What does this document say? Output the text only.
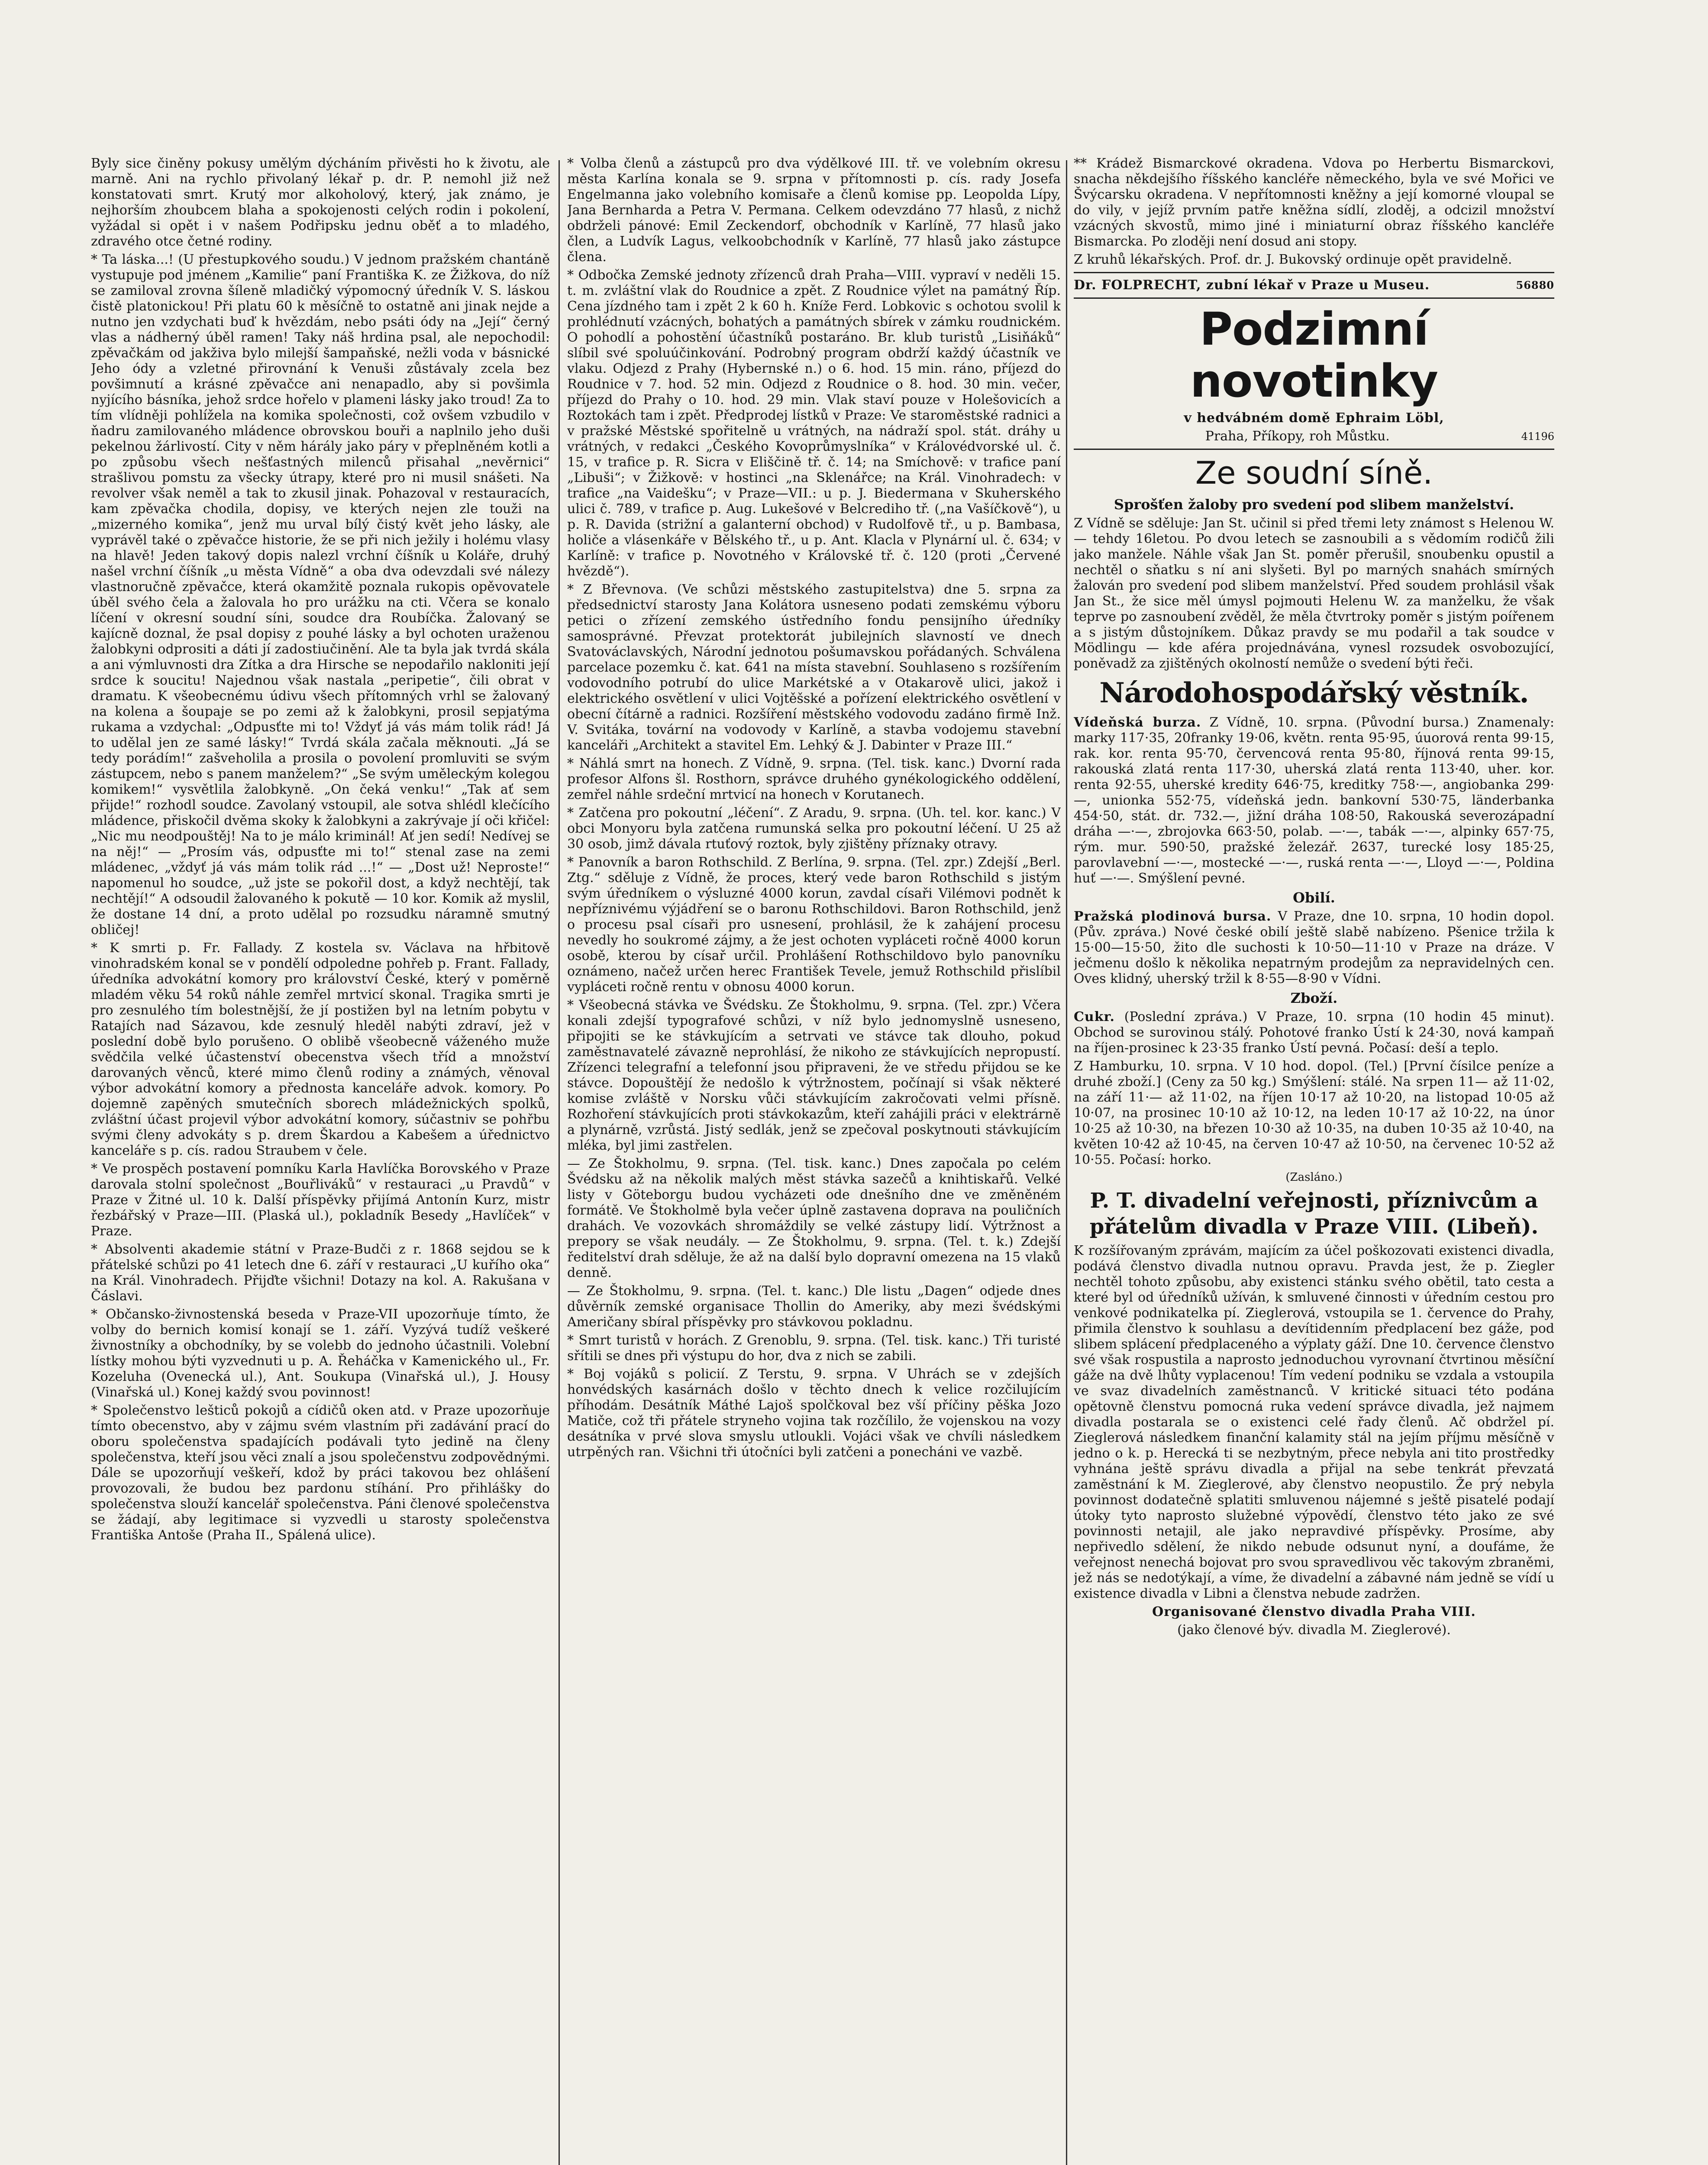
Byly sice činěny pokusy umělým dýcháním přivěsti ho k životu, ale marně. Ani na rychlo přivolaný lékař p. dr. P. nemohl již než konstatovati smrt. Krutý mor alkoholový, který, jak známo, je nejhorším zhoubcem blaha a spokojenosti celých rodin i pokolení, vyžádal si opět i v našem Podřipsku jednu oběť a to mladého, zdravého otce četné rodiny.

* Ta láska...! (U přestupkového soudu.) V jednom pražském chantáně vystupuje pod jménem „Kamilie“ paní Františka K. ze Žižkova, do níž se zamiloval zrovna šíleně mladičký výpomocný úředník V. S. láskou čistě platonickou! Při platu 60 k měsíčně to ostatně ani jinak nejde a nutno jen vzdychati buď k hvězdám, nebo psáti ódy na „Její“ černý vlas a nádherný úběl ramen! Taky náš hrdina psal, ale nepochodil: zpěvačkám od jakživa bylo milejší šampaňské, nežli voda v básnické Jeho ódy a vzletné přirovnání k Venuši zůstávaly zcela bez povšimnutí a krásné zpěvačce ani nenapadlo, aby si povšimla nyjícího básníka, jehož srdce hořelo v plameni lásky jako troud! Za to tím vlídněji pohlížela na komika společnosti, což ovšem vzbudilo v ňadru zamilovaného mládence obrovskou bouři a naplnilo jeho duši pekelnou žárlivostí. City v něm hárály jako páry v přeplněném kotli a po způsobu všech nešťastných milenců přisahal „nevěrnici“ strašlivou pomstu za všecky útrapy, které pro ni musil snášeti. Na revolver však neměl a tak to zkusil jinak. Pohazoval v restauracích, kam zpěvačka chodila, dopisy, ve kterých nejen zle touži na „mizerného komika“, jenž mu urval bílý čistý květ jeho lásky, ale vyprávěl také o zpěvačce historie, že se při nich ježily i holému vlasy na hlavě! Jeden takový dopis nalezl vrchní číšník u Koláře, druhý našel vrchní číšník „u města Vídně“ a oba dva odevzdali své nálezy vlastnoručně zpěvačce, která okamžitě poznala rukopis opěvovatele úběl svého čela a žalovala ho pro urážku na cti. Včera se konalo líčení v okresní soudní síni, soudce dra Roubíčka. Žalovaný se kajícně doznal, že psal dopisy z pouhé lásky a byl ochoten uraženou žalobkyni odprositi a dáti jí zadostiučinění. Ale ta byla jak tvrdá skála a ani výmluvnosti dra Zítka a dra Hirsche se nepodařilo nakloniti její srdce k soucitu! Najednou však nastala „peripetie“, čili obrat v dramatu. K všeobecnému údivu všech přítomných vrhl se žalovaný na kolena a šoupaje se po zemi až k žalobkyni, prosil sepjatýma rukama a vzdychal: „Odpusťte mi to! Vždyť já vás mám tolik rád! Já to udělal jen ze samé lásky!“ Tvrdá skála začala měknouti. „Já se tedy porádím!“ zašveholila a prosila o povolení promluviti se svým zástupcem, nebo s panem manželem?“ „Se svým uměleckým kolegou komikem!“ vysvětlila žalobkyně. „On čeká venku!“ „Tak ať sem přijde!“ rozhodl soudce. Zavolaný vstoupil, ale sotva shlédl klečícího mládence, přiskočil dvěma skoky k žalobkyni a zakrývaje jí oči křičel: „Nic mu neodpouštěj! Na to je málo kriminál! Ať jen sedí! Nedívej se na něj!“ — „Prosím vás, odpusťte mi to!“ stenal zase na zemi mládenec, „vždyť já vás mám tolik rád ...!“ — „Dost už! Neproste!“ napomenul ho soudce, „už jste se pokořil dost, a když nechtějí, tak nechtějí!“ A odsoudil žalovaného k pokutě — 10 kor. Komik až myslil, že dostane 14 dní, a proto udělal po rozsudku náramně smutný obličej!

* K smrti p. Fr. Fallady. Z kostela sv. Václava na hřbitově vinohradském konal se v pondělí odpoledne pohřeb p. Frant. Fallady, úředníka advokátní komory pro království České, který v poměrně mladém věku 54 roků náhle zemřel mrtvicí skonal. Tragika smrti je pro zesnulého tím bolestnější, že jí postižen byl na letním pobytu v Ratajích nad Sázavou, kde zesnulý hleděl nabýti zdraví, jež v poslední době bylo porušeno. O oblibě všeobecně váženého muže svědčila velké účastenství obecenstva všech tříd a množství darovaných věnců, které mimo členů rodiny a známých, věnoval výbor advokátní komory a přednosta kanceláře advok. komory. Po dojemně zapěných smutečních sborech mládežnických spolků, zvláštní účast projevil výbor advokátní komory, súčastniv se pohřbu svými členy advokáty s p. drem Škardou a Kabešem a úřednictvo kanceláře s p. cís. radou Straubem v čele.

* Ve prospěch postavení pomníku Karla Havlíčka Borovského v Praze darovala stolní společnost „Bouřliváků“ v restauraci „u Pravdů“ v Praze v Žitné ul. 10 k. Další příspěvky přijímá Antonín Kurz, mistr řezbářský v Praze—III. (Plaská ul.), pokladník Besedy „Havlíček“ v Praze.

* Absolventi akademie státní v Praze-Budči z r. 1868 sejdou se k přátelské schůzi po 41 letech dne 6. září v restauraci „U kuřího oka“ na Král. Vinohradech. Přijďte všichni! Dotazy na kol. A. Rakušana v Čáslavi.

* Občansko-živnostenská beseda v Praze-VII upozorňuje tímto, že volby do bernich komisí konají se 1. září. Vyzývá tudíž veškeré živnostníky a obchodníky, by se volebb do jednoho účastnili. Volební lístky mohou býti vyzvednuti u p. A. Řeháčka v Kamenického ul., Fr. Kozeluha (Ovenecká ul.), Ant. Soukupa (Vinařská ul.), J. Housy (Vinařská ul.) Konej každý svou povinnost!

* Společenstvo lešticů pokojů a cídičů oken atd. v Praze upozorňuje tímto obecenstvo, aby v zájmu svém vlastním při zadávání prací do oboru společenstva spadajících podávali tyto jedině na členy společenstva, kteří jsou věci znalí a jsou společenstvu zodpovědnými. Dále se upozorňují veškeří, kdož by práci takovou bez ohlášení provozovali, že budou bez pardonu stíhání. Pro přihlášky do společenstva slouží kancelář společenstva. Páni členové společenstva se žádají, aby legitimace si vyzvedli u starosty společenstva Františka Antoše (Praha II., Spálená ulice).

* Volba členů a zástupců pro dva výdělkové III. tř. ve volebním okresu města Karlína konala se 9. srpna v přítomnosti p. cís. rady Josefa Engelmanna jako volebního komisaře a členů komise pp. Leopolda Lípy, Jana Bernharda a Petra V. Permana. Celkem odevzdáno 77 hlasů, z nichž obdrželi pánové: Emil Zeckendorf, obchodník v Karlíně, 77 hlasů jako člen, a Ludvík Lagus, velkoobchodník v Karlíně, 77 hlasů jako zástupce člena.

* Odbočka Zemské jednoty zřízenců drah Praha—VIII. vypraví v neděli 15. t. m. zvláštní vlak do Roudnice a zpět. Z Roudnice výlet na památný Říp. Cena jízdného tam i zpět 2 k 60 h. Kníže Ferd. Lobkovic s ochotou svolil k prohlédnutí vzácných, bohatých a památných sbírek v zámku roudnickém. O pohodlí a pohostění účastníků postaráno. Br. klub turistů „Lisiňáků“ slíbil své spoluúčinkování. Podrobný program obdrží každý účastník ve vlaku. Odjezd z Prahy (Hybernské n.) o 6. hod. 15 min. ráno, příjezd do Roudnice v 7. hod. 52 min. Odjezd z Roudnice o 8. hod. 30 min. večer, příjezd do Prahy o 10. hod. 29 min. Vlak staví pouze v Holešovicích a Roztokách tam i zpět. Předprodej lístků v Praze: Ve staroměstské radnici a v pražské Městské spořitelně u vrátných, na nádraží spol. stát. dráhy u vrátných, v redakci „Českého Kovoprůmyslníka“ v Královédvorské ul. č. 15, v trafice p. R. Sicra v Eliščině tř. č. 14; na Smíchově: v trafice paní „Libuši“; v Žižkově: v hostinci „na Sklenářce; na Král. Vinohradech: v trafice „na Vaidešku“; v Praze—VII.: u p. J. Biedermana v Skuherského ulici č. 789, v trafice p. Aug. Lukešové v Belcrediho tř. („na Vašíčkově“), u p. R. Davida (strižní a galanterní obchod) v Rudolfově tř., u p. Bambasa, holiče a vlásenkáře v Bělského tř., u p. Ant. Klacla v Plynární ul. č. 634; v Karlíně: v trafice p. Novotného v Královské tř. č. 120 (proti „Červené hvězdě“).

* Z Břevnova. (Ve schůzi městského zastupitelstva) dne 5. srpna za předsednictví starosty Jana Kolátora usneseno podati zemskému výboru petici o zřízení zemského ústředního fondu pensijního úředníky samosprávné. Převzat protektorát jubilejních slavností ve dnech Svatováclavských, Národní jednotou pošumavskou pořádaných. Schválena parcelace pozemku č. kat. 641 na místa stavební. Souhlaseno s rozšířením vodovodního potrubí do ulice Markétské a v Otakarově ulici, jakož i elektrického osvětlení v ulici Vojtěšské a pořízení elektrického osvětlení v obecní čítárně a radnici. Rozšíření městského vodovodu zadáno firmě Inž. V. Svitáka, tovární na vodovody v Karlíně, a stavba vodojemu stavební kanceláři „Architekt a stavitel Em. Lehký & J. Dabinter v Praze III.“

* Náhlá smrt na honech. Z Vídně, 9. srpna. (Tel. tisk. kanc.) Dvorní rada profesor Alfons šl. Rosthorn, správce druhého gynékologického oddělení, zemřel náhle srdeční mrtvicí na honech v Korutanech.

* Zatčena pro pokoutní „léčení“. Z Aradu, 9. srpna. (Uh. tel. kor. kanc.) V obci Monyoru byla zatčena rumunská selka pro pokoutní léčení. U 25 až 30 osob, jimž dávala rtuťový roztok, byly zjištěny příznaky otravy.

* Panovník a baron Rothschild. Z Berlína, 9. srpna. (Tel. zpr.) Zdejší „Berl. Ztg.“ sděluje z Vídně, že proces, který vede baron Rothschild s jistým svým úředníkem o výsluzné 4000 korun, zavdal císaři Vilémovi podnět k nepříznivému výjádření se o baronu Rothschildovi. Baron Rothschild, jenž o procesu psal císaři pro usnesení, prohlásil, že k zahájení procesu nevedly ho soukromé zájmy, a že jest ochoten vypláceti ročně 4000 korun osobě, kterou by císař určil. Prohlášení Rothschildovo bylo panovníku oznámeno, načež určen herec František Tevele, jemuž Rothschild přislíbil vypláceti ročně rentu v obnosu 4000 korun.

* Všeobecná stávka ve Švédsku. Ze Štokholmu, 9. srpna. (Tel. zpr.) Včera konali zdejší typografové schůzi, v níž bylo jednomyslně usneseno, připojiti se ke stávkujícím a setrvati ve stávce tak dlouho, pokud zaměstnavatelé závazně neprohlásí, že nikoho ze stávkujících nepropustí. Zřízenci telegrafní a telefonní jsou připraveni, že ve středu přijdou se ke stávce. Dopouštějí že nedošlo k výtržnostem, počínají si však některé komise zvláště v Norsku vůči stávkujícím zakročovati velmi přísně. Rozhoření stávkujících proti stávkokazům, kteří zahájili práci v elektrárně a plynárně, vzrůstá. Jistý sedlák, jenž se zpečoval poskytnouti stávkujícím mléka, byl jimi zastřelen.

— Ze Štokholmu, 9. srpna. (Tel. tisk. kanc.) Dnes započala po celém Švédsku až na několik malých měst stávka sazečů a knihtiskařů. Velké listy v Göteborgu budou vycházeti ode dnešního dne ve změněném formátě. Ve Štokholmě byla večer úplně zastavena doprava na pouličních drahách. Ve vozovkách shromáždily se velké zástupy lidí. Výtržnost a prepory se však neudály. — Ze Štokholmu, 9. srpna. (Tel. t. k.) Zdejší ředitelství drah sděluje, že až na další bylo dopravní omezena na 15 vlaků denně.

— Ze Štokholmu, 9. srpna. (Tel. t. kanc.) Dle listu „Dagen“ odjede dnes důvěrník zemské organisace Thollin do Ameriky, aby mezi švédskými Američany sbíral příspěvky pro stávkovou pokladnu.

* Smrt turistů v horách. Z Grenoblu, 9. srpna. (Tel. tisk. kanc.) Tři turisté sřítili se dnes při výstupu do hor, dva z nich se zabili.

* Boj vojáků s policií. Z Terstu, 9. srpna. V Uhrách se v zdejších honvédských kasárnách došlo v těchto dnech k velice rozčilujícím příhodám. Desátník Máthé Lajoš spolčkoval bez vší příčiny pěška Jozo Matiče, což tři přátele stryneho vojina tak rozčílilo, že vojenskou na vozy desátníka v prvé slova smyslu utloukli. Vojáci však ve chvíli následkem utrpěných ran. Všichni tři útočníci byli zatčeni a ponecháni ve vazbě.

** Krádež Bismarckové okradena. Vdova po Herbertu Bismarckovi, snacha někdejšího říšského kancléře německého, byla ve své Mořici ve Švýcarsku okradena. V nepřítomnosti kněžny a její komorné vloupal se do vily, v jejíž prvním patře kněžna sídlí, zloděj, a odcizil množství vzácných skvostů, mimo jiné i miniaturní obraz říšského kancléře Bismarcka. Po zloději není dosud ani stopy.

Z kruhů lékařských. Prof. dr. J. Bukovský ordinuje opět pravidelně.

Dr. FOLPRECHT, zubní lékař v Praze u Museu.	56880

Podzimní novotinky

v hedvábném domě Ephraim Löbl,

Praha, Příkopy, roh Můstku.	41196

Ze soudní síně.

Sprošťen žaloby pro svedení pod slibem manželství.

Z Vídně se sděluje: Jan St. učinil si před třemi lety známost s Helenou W. — tehdy 16letou. Po dvou letech se zasnoubili a s vědomím rodičů žili jako manžele. Náhle však Jan St. poměr přerušil, snoubenku opustil a nechtěl o sňatku s ní ani slyšeti. Byl po marných snahách smírných žalován pro svedení pod slibem manželství. Před soudem prohlásil však Jan St., že sice měl úmysl pojmouti Helenu W. za manželku, že však teprve po zasnoubení zvěděl, že měla čtvrtroky poměr s jistým poířenem a s jistým důstojníkem. Důkaz pravdy se mu podařil a tak soudce v Mödlingu — kde aféra projednávána, vynesl rozsudek osvobozující, poněvadž za zjištěných okolností nemůže o svedení býti řeči.

Národohospodářský věstník.

Vídeňská burza. Z Vídně, 10. srpna. (Původní bursa.) Znamenaly: marky 117·35, 20franky 19·06, květn. renta 95·95, úuorová renta 99·15, rak. kor. renta 95·70, červencová renta 95·80, říjnová renta 99·15, rakouská zlatá renta 117·30, uherská zlatá renta 113·40, uher. kor. renta 92·55, uherské kredity 646·75, kreditky 758·—, angiobanka 299·—, unionka 552·75, vídeňská jedn. bankovní 530·75, länderbanka 454·50, stát. dr. 732.—, jižní dráha 108·50, Rakouská severozápadní dráha —·—, zbrojovka 663·50, polab. —·—, tabák —·—, alpinky 657·75, rým. mur. 590·50, pražské železář. 2637, turecké losy 185·25, parovlavební —·—, mostecké —·—, ruská renta —·—, Lloyd —·—, Poldina huť —·—. Smýšlení pevné.

Obilí.

Pražská plodinová bursa. V Praze, dne 10. srpna, 10 hodin dopol. (Pův. zpráva.) Nové české obilí ještě slabě nabízeno. Pšenice tržila k 15·00—15·50, žito dle suchosti k 10·50—11·10 v Praze na dráze. V ječmenu došlo k několika nepatrným prodejům za nepravidelných cen. Oves klidný, uherský tržil k 8·55—8·90 v Vídni.

Zboží.

Cukr. (Poslední zpráva.) V Praze, 10. srpna (10 hodin 45 minut). Obchod se surovinou stálý. Pohotové franko Ústí k 24·30, nová kampaň na říjen-prosinec k 23·35 franko Ústí pevná. Počasí: deší a teplo.

Z Hamburku, 10. srpna. V 10 hod. dopol. (Tel.) [První čísilce peníze a druhé zboží.] (Ceny za 50 kg.) Smýšlení: stálé. Na srpen 11— až 11·02, na září 11·— až 11·02, na říjen 10·17 až 10·20, na listopad 10·05 až 10·07, na prosinec 10·10 až 10·12, na leden 10·17 až 10·22, na únor 10·25 až 10·30, na březen 10·30 až 10·35, na duben 10·35 až 10·40, na květen 10·42 až 10·45, na červen 10·47 až 10·50, na červenec 10·52 až 10·55. Počasí: horko.

(Zasláno.)

P. T. divadelní veřejnosti, příznivcům a přátelům divadla v Praze VIII. (Libeň).

K rozšířovaným zprávám, majícím za účel poškozovati existenci divadla, podává členstvo divadla nutnou opravu. Pravda jest, že p. Ziegler nechtěl tohoto způsobu, aby existenci stánku svého obětil, tato cesta a které byl od úředníků užíván, k smluvené činnosti v úředním cestou pro venkové podnikatelka pí. Zieglerová, vstoupila se 1. července do Prahy, přimila členstvo k souhlasu a devítidenním předplacení bez gáže, pod slibem splácení předplaceného a výplaty gáží. Dne 10. července členstvo své však rospustila a naprosto jednoduchou vyrovnaní čtvrtinou měsíční gáže na dvě lhůty vyplacenou! Tím vedení podniku se vzdala a vstoupila ve svaz divadelních zaměstnanců. V kritické situaci této podána opětovně členstvu pomocná ruka vedení správce divadla, jež najmem divadla postarala se o existenci celé řady členů. Ač obdržel pí. Zieglerová následkem finanční kalamity stál na jejím příjmu měsíčně v jedno o k. p. Herecká ti se nezbytným, přece nebyla ani tito prostředky vyhnána ještě správu divadla a přijal na sebe tenkrát převzatá zaměstnání k M. Zieglerové, aby členstvo neopustilo. Že prý nebyla povinnost dodatečně splatiti smluvenou nájemné s ještě pisatelé podají útoky tyto naprosto služebné výpovědí, členstvo této jako ze své povinnosti netajil, ale jako nepravdivé příspěvky. Prosíme, aby nepřivedlo sdělení, že nikdo nebude odsunut nyní, a doufáme, že veřejnost nenechá bojovat pro svou spravedlivou věc takovým zbraněmi, jež nás se nedotýkají, a víme, že divadelní a zábavné nám jedně se vídí u existence divadla v Libni a členstva nebude zadržen.

Organisované členstvo divadla Praha VIII.

(jako členové býv. divadla M. Zieglerové).
